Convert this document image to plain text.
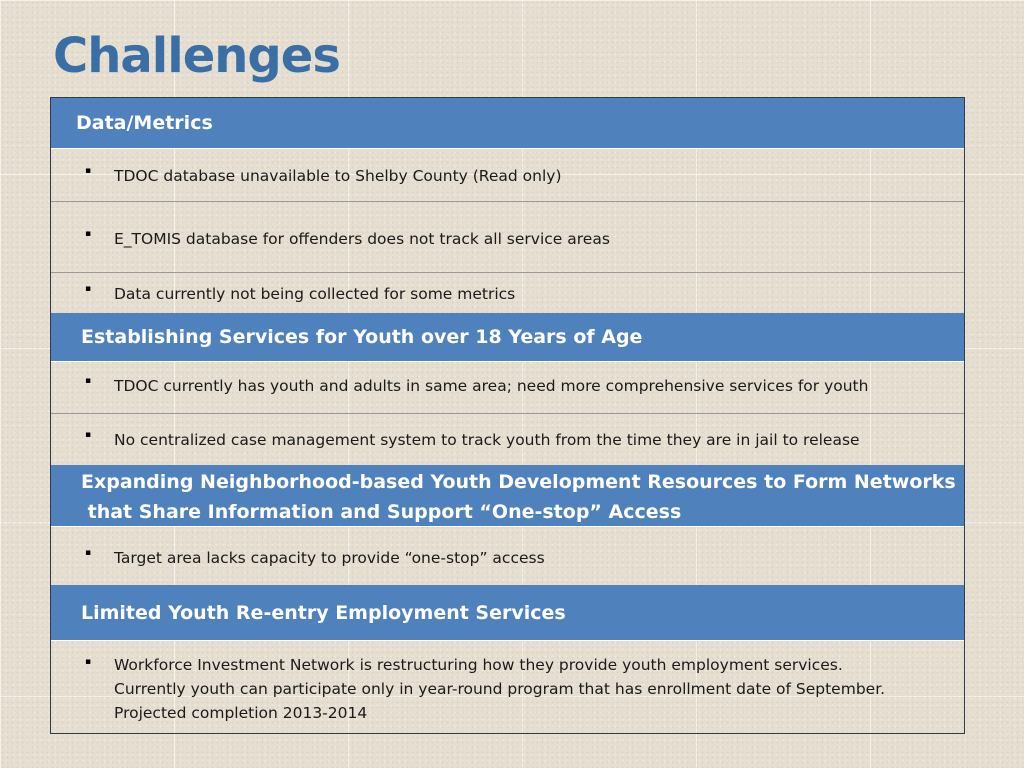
Challenges
Data/Metrics
▪ TDOC database unavailable to Shelby County (Read only)
▪ E_TOMIS database for offenders does not track all service areas
▪ Data currently not being collected for some metrics
Establishing Services for Youth over 18 Years of Age
▪ TDOC currently has youth and adults in same area; need more comprehensive services for youth
▪ No centralized case management system to track youth from the time they are in jail to release
Expanding Neighborhood-based Youth Development Resources to Form Networks
that Share Information and Support “One-stop” Access
▪ Target area lacks capacity to provide “one-stop” access
Limited Youth Re-entry Employment Services
▪ Workforce Investment Network is restructuring how they provide youth employment services.
Currently youth can participate only in year-round program that has enrollment date of September.
Projected completion 2013-2014
